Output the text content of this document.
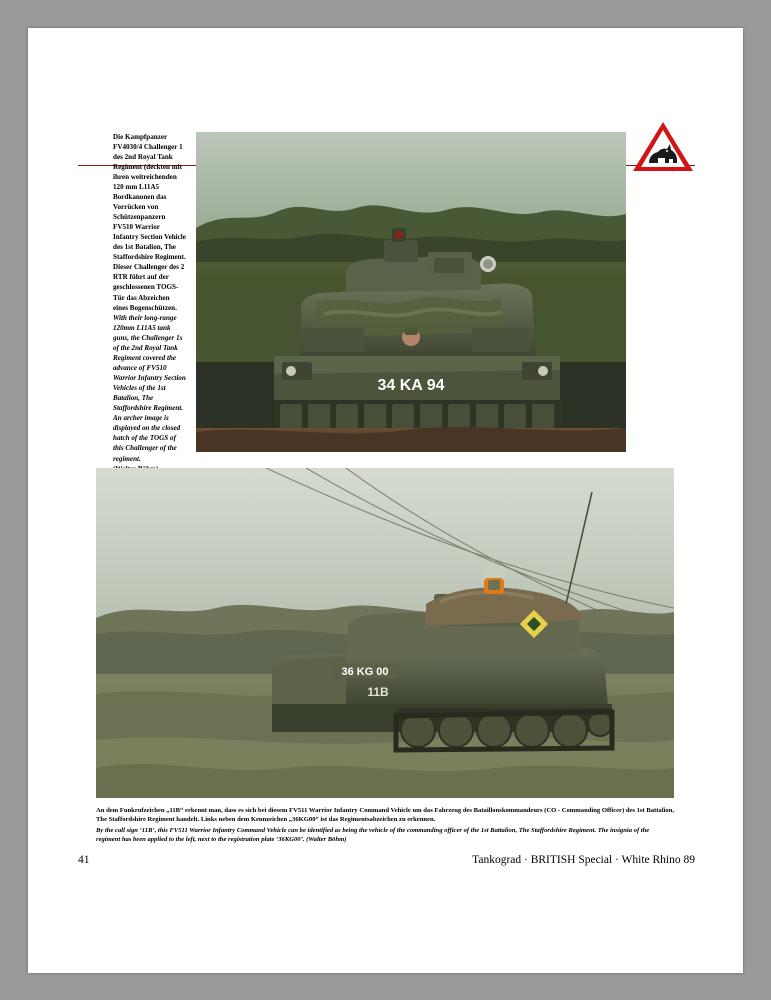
Die Kampfpanzer FV4030/4 Challenger 1 des 2nd Royal Tank Regiment (deckten mit ihren weitreichenden 120 mm L11A5 Bordkanonen das Vorrücken von Schützenpanzern FV510 Warrior Infantry Section Vehicle des 1st Batalion, The Staffordshire Regiment. Dieser Challenger des 2 RTR führt auf der geschlossenen TOGS-Tür das Abzeichen eines Bogenschützen.
With their long-range 120mm L11A5 tank guns, the Challenger 1s of the 2nd Royal Tank Regiment covered the advance of FV510 Warrior Infantry Section Vehicles of the 1st Batalion, The Staffordshire Regiment. An archer image is displayed on the closed hatch of the TOGS of this Challenger of the regiment.
34 KA 94
36 KG 00
11B
An dem Funkrufzeichen „11B“ erkennt man, dass es sich bei diesem FV511 Warrior Infantry Command Vehicle um das Fahrzeug des Bataillonskommandeurs (CO - Commanding Officer) des 1st Battalion, The Staffordshire Regiment handelt. Links neben dem Kennzeichen „36KG00“ ist das Regimentsabzeichen zu erkennen.
By the call sign ‘11B’, this FV511 Warrior Infantry Command Vehicle can be identified as being the vehicle of the commanding officer of the 1st Battalion, The Staffordshire Regiment. The insignia of the regiment has been applied to the left, next to the registration plate ‘36KG00’. (Walter Böhm)
41	Tankograd · BRITISH Special · White Rhino 89
